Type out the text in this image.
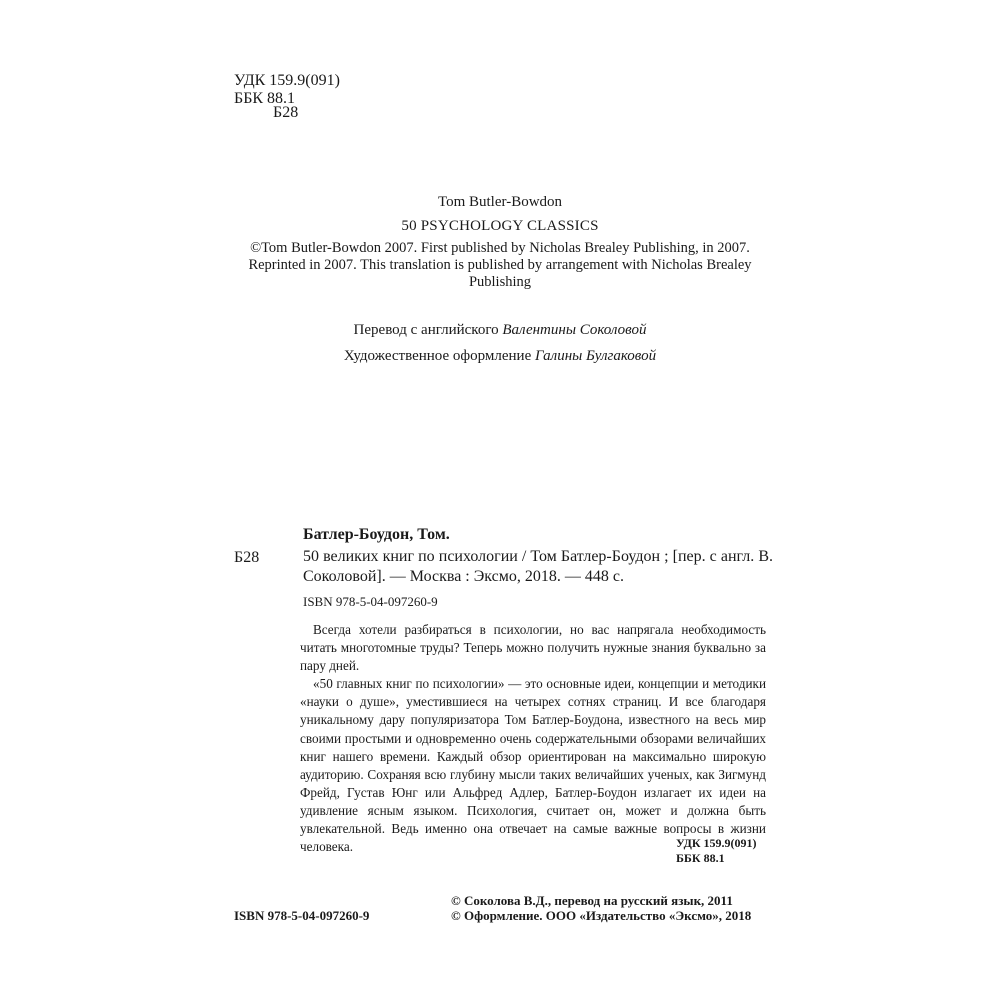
УДК 159.9(091)
ББК 88.1
Б28
Tom Butler-Bowdon
50 PSYCHOLOGY CLASSICS
©Tom Butler-Bowdon 2007. First published by Nicholas Brealey Publishing, in 2007. Reprinted in 2007. This translation is published by arrangement with Nicholas Brealey Publishing
Перевод с английского Валентины Соколовой
Художественное оформление Галины Булгаковой
Батлер-Боудон, Том.
Б28	50 великих книг по психологии / Том Батлер-Боудон ; [пер. с англ. В. Соколовой]. — Москва : Эксмо, 2018. — 448 с.
ISBN 978-5-04-097260-9

Всегда хотели разбираться в психологии, но вас напрягала необходимость читать многотомные труды? Теперь можно получить нужные знания буквально за пару дней.

«50 главных книг по психологии» — это основные идеи, концепции и методики «науки о душе», уместившиеся на четырех сотнях страниц. И все благодаря уникальному дару популяризатора Том Батлер-Боудона, известного на весь мир своими простыми и одновременно очень содержательными обзорами величайших книг нашего времени. Каждый обзор ориентирован на максимально широкую аудиторию. Сохраняя всю глубину мысли таких величайших ученых, как Зигмунд Фрейд, Густав Юнг или Альфред Адлер, Батлер-Боудон излагает их идеи на удивление ясным языком. Психология, считает он, может и должна быть увлекательной. Ведь именно она отвечает на самые важные вопросы в жизни человека.	УДК 159.9(091)
ББК 88.1
ISBN 978-5-04-097260-9
© Соколова В.Д., перевод на русский язык, 2011
© Оформление. ООО «Издательство «Эксмо», 2018
